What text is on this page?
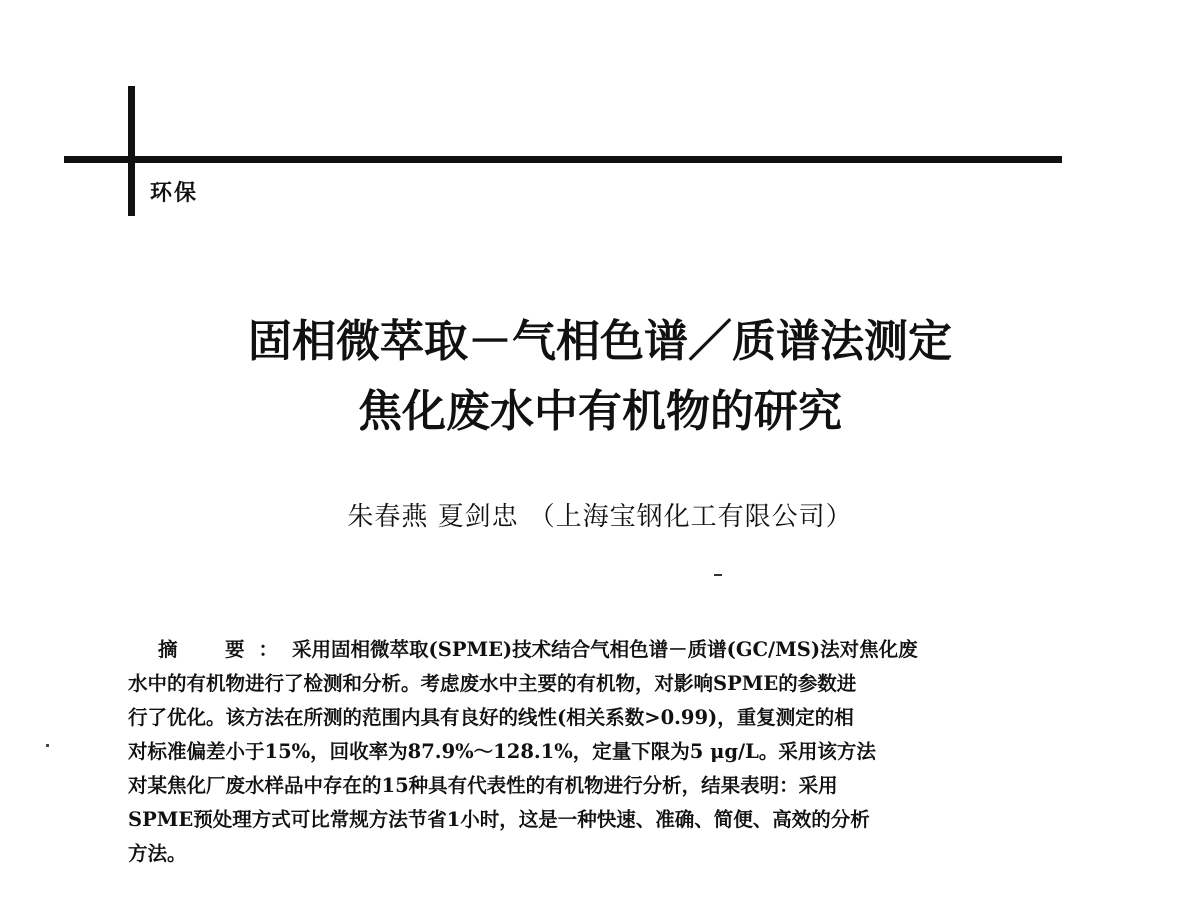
环保
固相微萃取－气相色谱／质谱法测定
焦化废水中有机物的研究
朱春燕 夏剑忠 （上海宝钢化工有限公司）

摘　要：采用固相微萃取(SPME)技术结合气相色谱－质谱(GC/MS)法对焦化废
水中的有机物进行了检测和分析。考虑废水中主要的有机物，对影响SPME的参数进
行了优化。该方法在所测的范围内具有良好的线性(相关系数>0.99)，重复测定的相
对标准偏差小于15%，回收率为87.9%～128.1%，定量下限为5 μg/L。采用该方法
对某焦化厂废水样品中存在的15种具有代表性的有机物进行分析，结果表明：采用
SPME预处理方式可比常规方法节省1小时，这是一种快速、准确、简便、高效的分析
方法。
